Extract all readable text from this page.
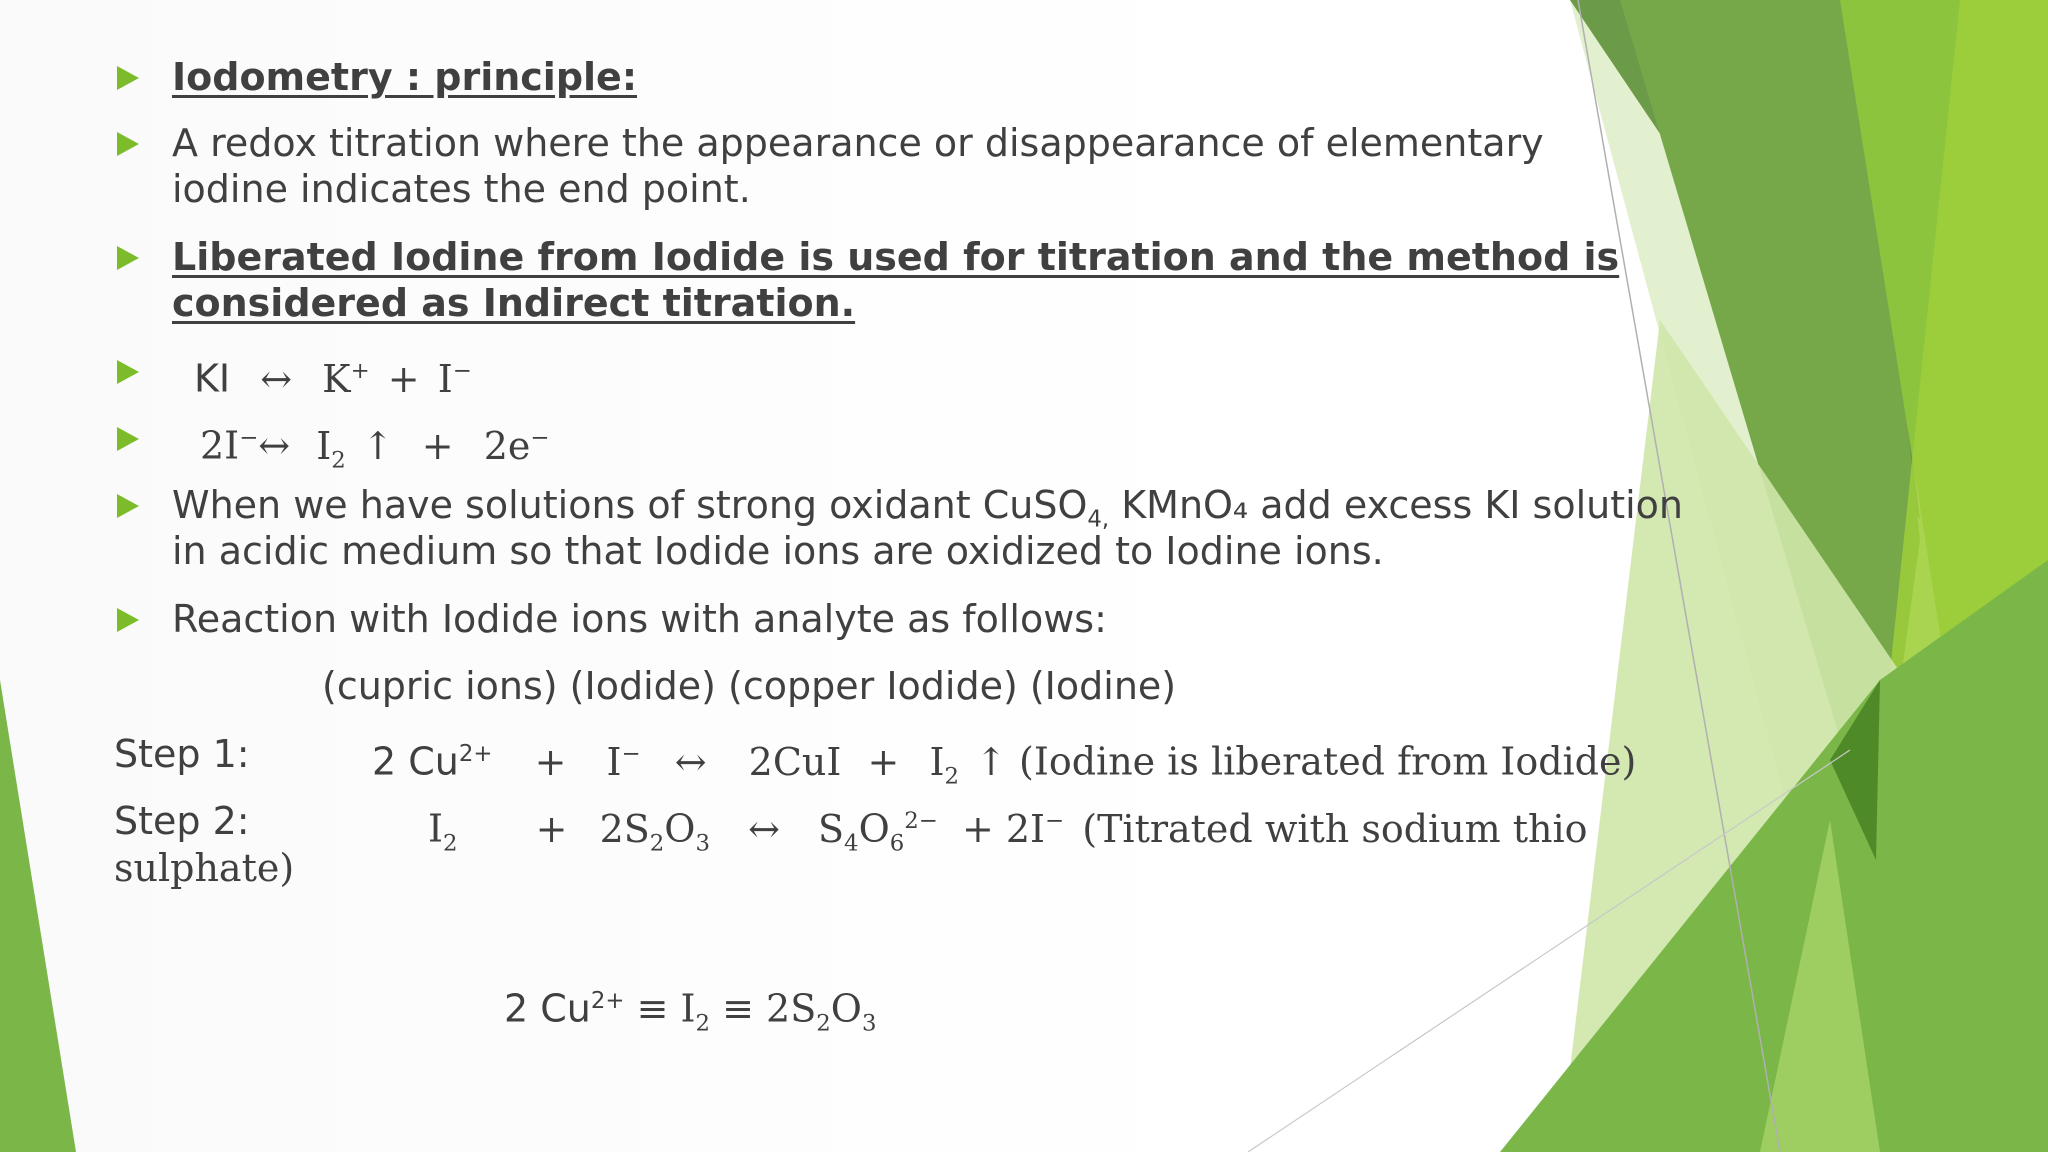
Iodometry : principle:
A redox titration where the appearance or disappearance of elementary
iodine indicates the end point.
Liberated Iodine from Iodide is used for titration and the method is
considered as Indirect titration.
KI ↔ K+ + I−
2I−↔ $I_2$ ↑ + 2e−
When we have solutions of strong oxidant CuSO$_{4,}$ KMnO₄ add excess KI solution
in acidic medium so that Iodide ions are oxidized to Iodine ions.
Reaction with Iodide ions with analyte as follows:
(cupric ions) (Iodide) (copper Iodide) (Iodine)
Step 1:	2 $Cu^{2+} + I^-$ ↔ $2CuI + I_2$ ↑ (Iodine is liberated from Iodide)
Step 2:	$I_2 + 2S_2O_3$ ↔ $S_4O_6^{2-} + 2I^-$ (Titrated with sodium thio
sulphate)
2 $Cu^{2+} \equiv I_2 \equiv 2S_2O_3$
